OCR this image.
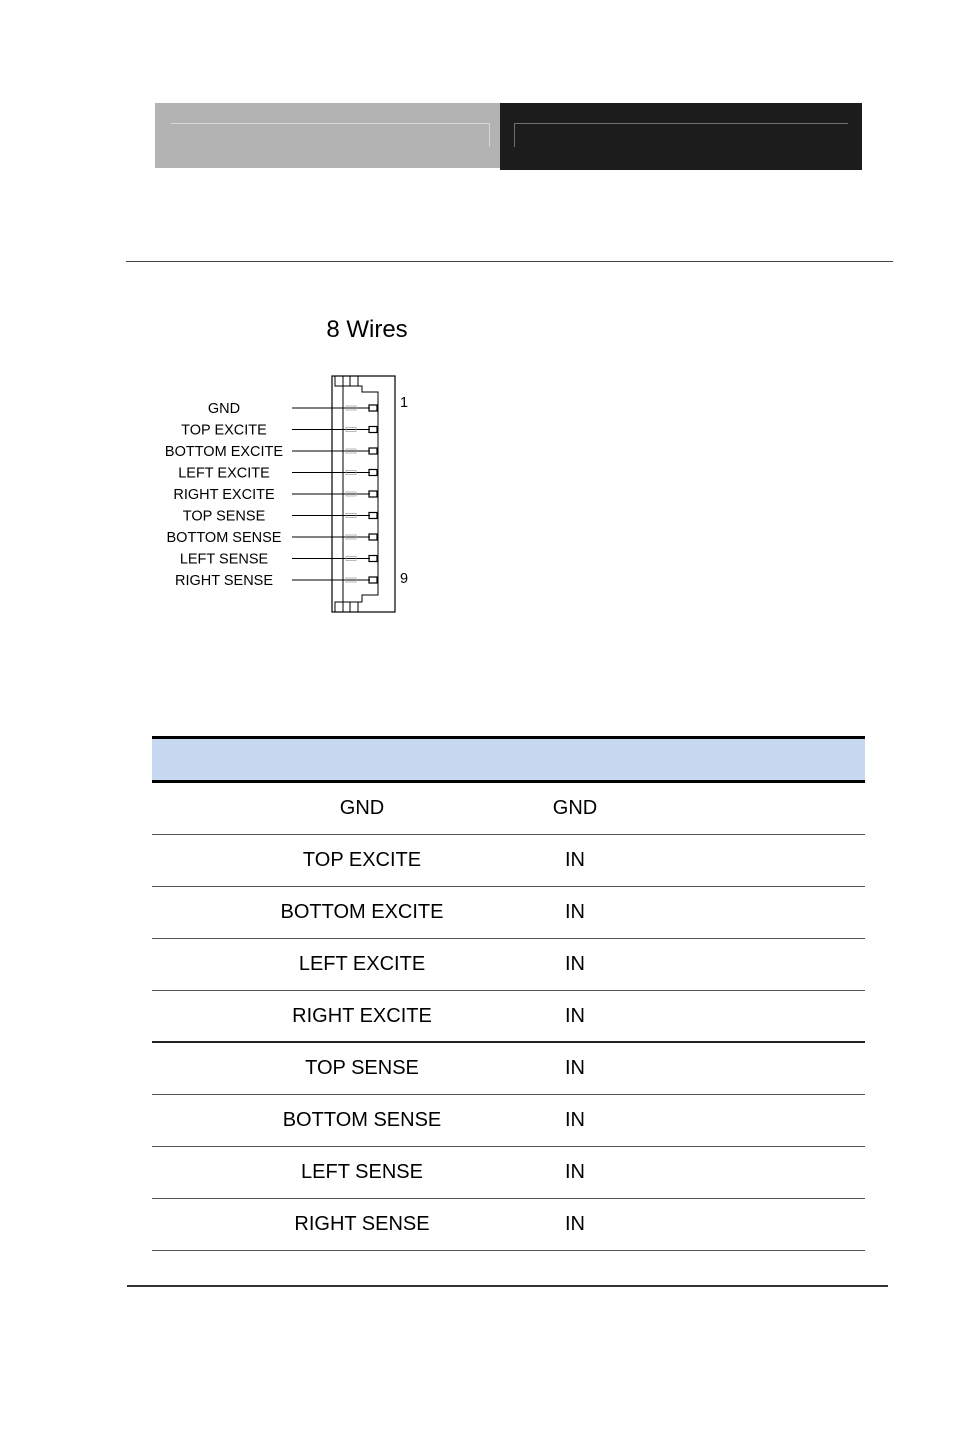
8 Wires
GND
TOP EXCITE
BOTTOM EXCITE
LEFT EXCITE
RIGHT EXCITE
TOP SENSE
BOTTOM SENSE
LEFT SENSE
RIGHT SENSE
1
9
GND	GND
TOP EXCITE	IN
BOTTOM EXCITE	IN
LEFT EXCITE	IN
RIGHT EXCITE	IN
TOP SENSE	IN
BOTTOM SENSE	IN
LEFT SENSE	IN
RIGHT SENSE	IN
